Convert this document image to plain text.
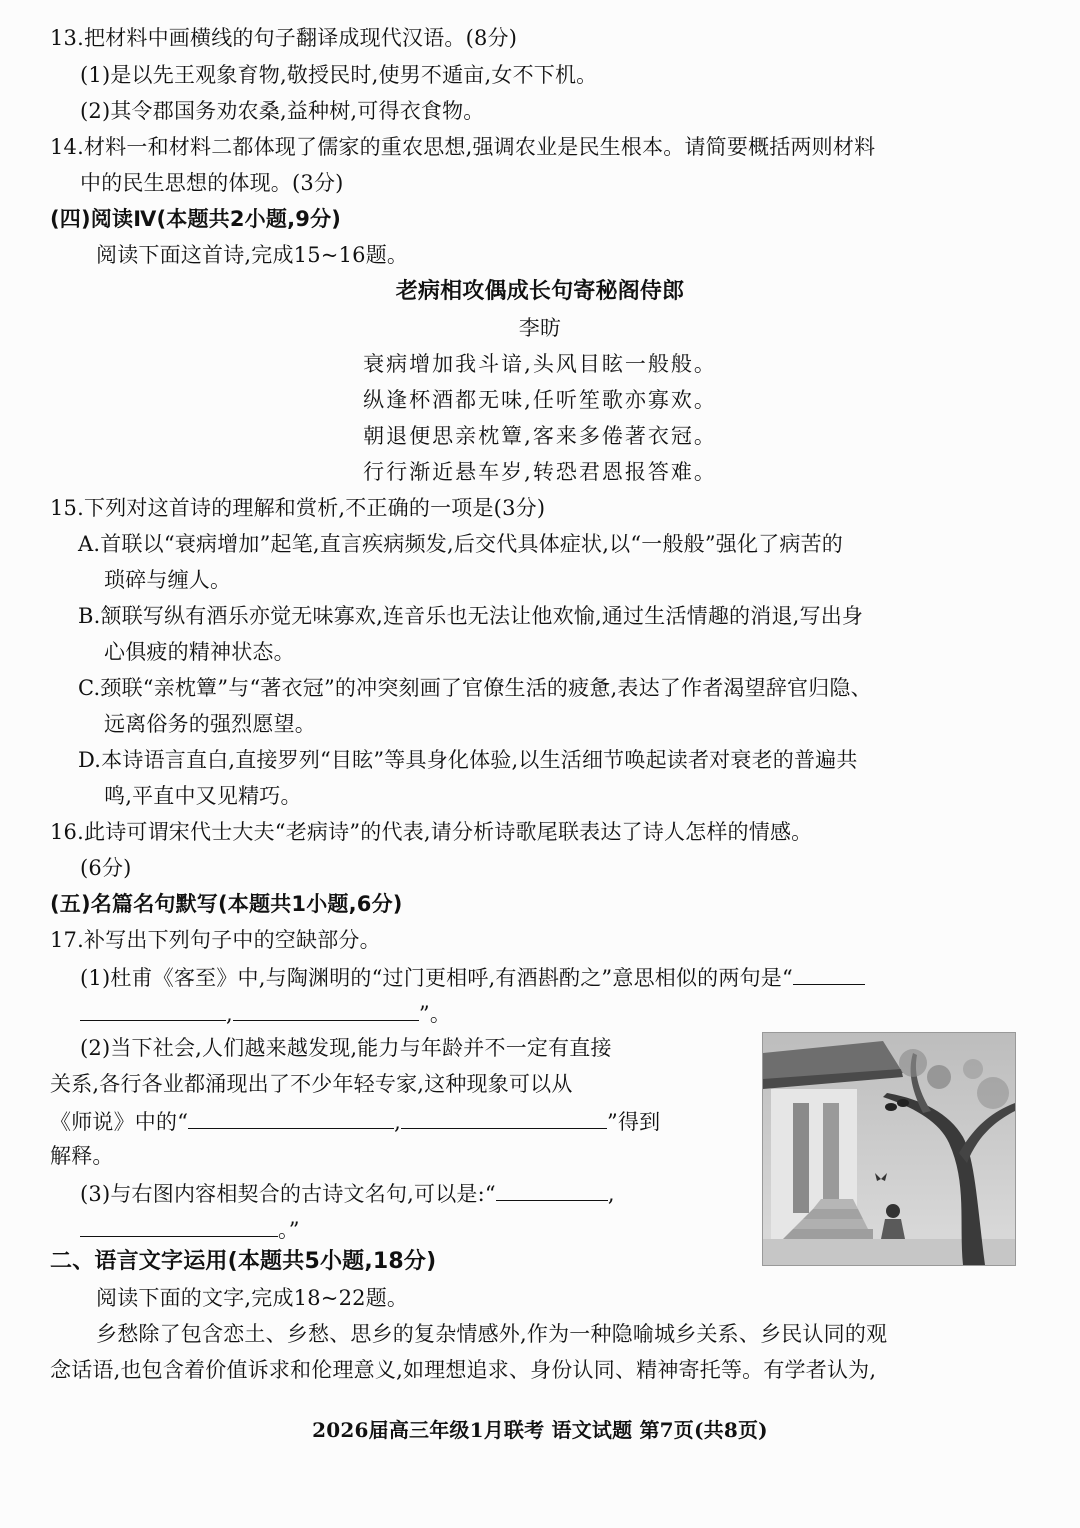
13.把材料中画横线的句子翻译成现代汉语。(8分)
(1)是以先王观象育物,敬授民时,使男不遁亩,女不下机。
(2)其令郡国务劝农桑,益种树,可得衣食物。
14.材料一和材料二都体现了儒家的重农思想,强调农业是民生根本。请简要概括两则材料
中的民生思想的体现。(3分)
(四)阅读Ⅳ(本题共2小题,9分)
阅读下面这首诗,完成15~16题。
老病相攻偶成长句寄秘阁侍郎
李昉
衰病增加我斗谙,头风目眩一般般。
纵逢杯酒都无味,任听笙歌亦寡欢。
朝退便思亲枕簟,客来多倦著衣冠。
行行渐近悬车岁,转恐君恩报答难。
15.下列对这首诗的理解和赏析,不正确的一项是(3分)
A.首联以“衰病增加”起笔,直言疾病频发,后交代具体症状,以“一般般”强化了病苦的
琐碎与缠人。
B.颔联写纵有酒乐亦觉无味寡欢,连音乐也无法让他欢愉,通过生活情趣的消退,写出身
心俱疲的精神状态。
C.颈联“亲枕簟”与“著衣冠”的冲突刻画了官僚生活的疲惫,表达了作者渴望辞官归隐、
远离俗务的强烈愿望。
D.本诗语言直白,直接罗列“目眩”等具身化体验,以生活细节唤起读者对衰老的普遍共
鸣,平直中又见精巧。
16.此诗可谓宋代士大夫“老病诗”的代表,请分析诗歌尾联表达了诗人怎样的情感。
(6分)
(五)名篇名句默写(本题共1小题,6分)
17.补写出下列句子中的空缺部分。
(1)杜甫《客至》中,与陶渊明的“过门更相呼,有酒斟酌之”意思相似的两句是“
,	”。
(2)当下社会,人们越来越发现,能力与年龄并不一定有直接
关系,各行各业都涌现出了不少年轻专家,这种现象可以从
《师说》中的“	,	”得到
解释。
(3)与右图内容相契合的古诗文名句,可以是:“	,
。”
二、语言文字运用(本题共5小题,18分)
阅读下面的文字,完成18~22题。
乡愁除了包含恋土、乡愁、思乡的复杂情感外,作为一种隐喻城乡关系、乡民认同的观
念话语,也包含着价值诉求和伦理意义,如理想追求、身份认同、精神寄托等。有学者认为,
2026届高三年级1月联考 语文试题 第7页(共8页)
